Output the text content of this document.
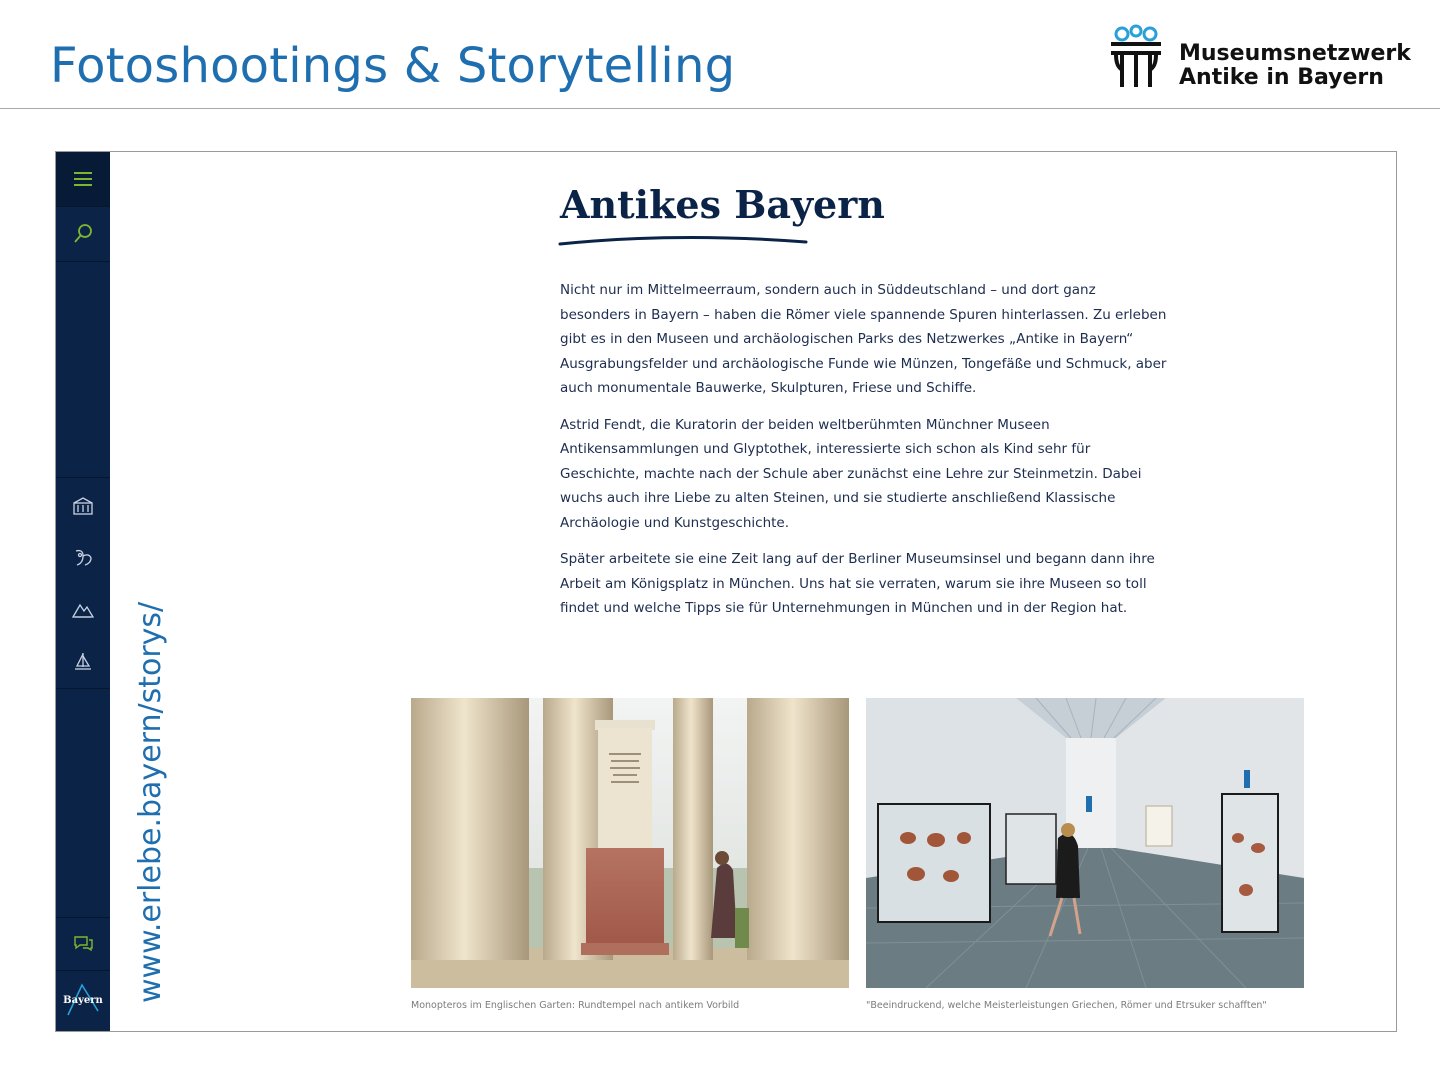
Fotoshootings & Storytelling	Museumsnetzwerk
Antike in Bayern
Bayern www.erlebe.bayern/storys/
Antikes Bayern

Nicht nur im Mittelmeerraum, sondern auch in Süddeutschland – und dort ganz besonders in Bayern – haben die Römer viele spannende Spuren hinterlassen. Zu erleben gibt es in den Museen und archäologischen Parks des Netzwerkes „Antike in Bayern“ Ausgrabungsfelder und archäologische Funde wie Münzen, Tongefäße und Schmuck, aber auch monumentale Bauwerke, Skulpturen, Friese und Schiffe.

Astrid Fendt, die Kuratorin der beiden weltberühmten Münchner Museen Antikensammlungen und Glyptothek, interessierte sich schon als Kind sehr für Geschichte, machte nach der Schule aber zunächst eine Lehre zur Steinmetzin. Dabei wuchs auch ihre Liebe zu alten Steinen, und sie studierte anschließend Klassische Archäologie und Kunstgeschichte.

Später arbeitete sie eine Zeit lang auf der Berliner Museumsinsel und begann dann ihre Arbeit am Königsplatz in München. Uns hat sie verraten, warum sie ihre Museen so toll findet und welche Tipps sie für Unternehmungen in München und in der Region hat.

Monopteros im Englischen Garten: Rundtempel nach antikem Vorbild	"Beeindruckend, welche Meisterleistungen Griechen, Römer und Etrsuker schafften"
